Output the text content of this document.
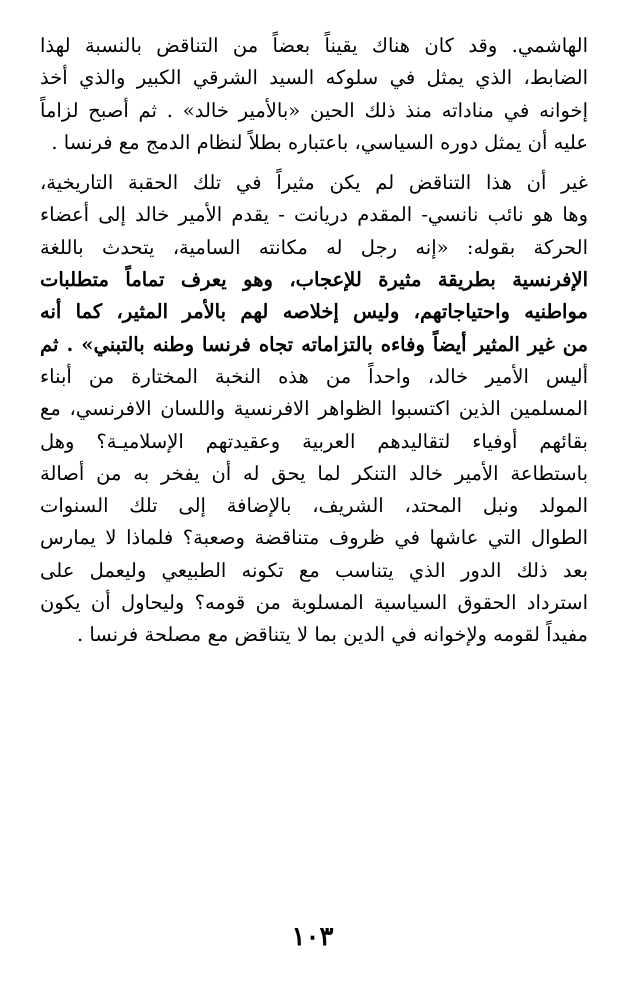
الهاشمي. وقد كان هناك يقيناً بعضاً من التناقض بالنسبة لهذا
الضابط، الذي يمثل في سلوكه السيد الشرقي الكبير والذي أخذ
إخوانه في مناداته منذ ذلك الحين «بالأمير خالد» . ثم أصبح لزاماً
عليه أن يمثل دوره السياسي، باعتباره بطلاً لنظام الدمج مع فرنسا .
غير أن هذا التناقض لم يكن مثيراً في تلك الحقبة التاريخية،
وها هو نائب نانسي- المقدم دريانت - يقدم الأمير خالد إلى أعضاء
الحركة بقوله: «إنه رجل له مكانته السامية، يتحدث باللغة
الإفرنسية بطريقة مثيرة للإعجاب، وهو يعرف تماماً متطلبات
مواطنيه واحتياجاتهم، وليس إخلاصه لهم بالأمر المثير، كما أنه
من غير المثير أيضاً وفاءه بالتزاماته تجاه فرنسا وطنه بالتبني» . ثم
أليس الأمير خالد، واحداً من هذه النخبة المختارة من أبناء
المسلمين الذين اكتسبوا الظواهر الافرنسية واللسان الافرنسي، مع
بقائهم أوفياء لتقاليدهم العربية وعقيدتهم الإسلاميـة؟ وهل
باستطاعة الأمير خالد التنكر لما يحق له أن يفخر به من أصالة
المولد ونبل المحتد، الشريف، بالإضافة إلى تلك السنوات
الطوال التي عاشها في ظروف متناقضة وصعبة؟ فلماذا لا يمارس
بعد ذلك الدور الذي يتناسب مع تكونه الطبيعي وليعمل على
استرداد الحقوق السياسية المسلوبة من قومه؟ وليحاول أن يكون
مفيداً لقومه ولإخوانه في الدين بما لا يتناقض مع مصلحة فرنسا .
١٠٣
